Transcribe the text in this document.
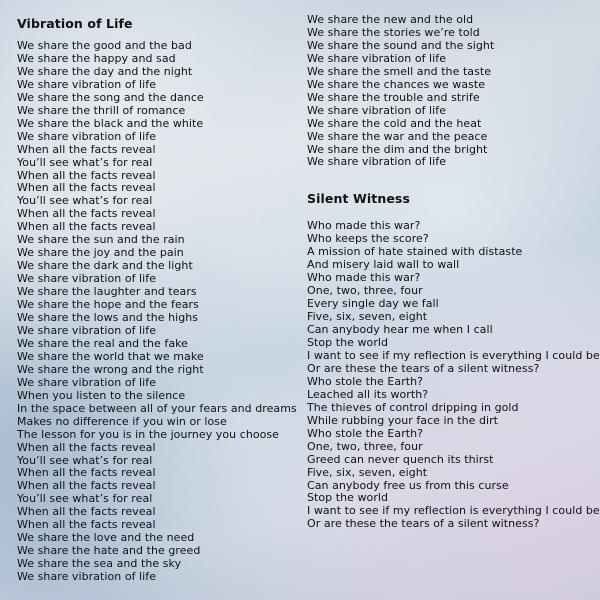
Vibration of Life
We share the good and the bad
We share the happy and sad
We share the day and the night
We share vibration of life
We share the song and the dance
We share the thrill of romance
We share the black and the white
We share vibration of life
When all the facts reveal
You’ll see what’s for real
When all the facts reveal
When all the facts reveal
You’ll see what’s for real
When all the facts reveal
When all the facts reveal
We share the sun and the rain
We share the joy and the pain
We share the dark and the light
We share vibration of life
We share the laughter and tears
We share the hope and the fears
We share the lows and the highs
We share vibration of life
We share the real and the fake
We share the world that we make
We share the wrong and the right
We share vibration of life
When you listen to the silence
In the space between all of your fears and dreams
Makes no difference if you win or lose
The lesson for you is in the journey you choose
When all the facts reveal
You’ll see what’s for real
When all the facts reveal
When all the facts reveal
You’ll see what’s for real
When all the facts reveal
When all the facts reveal
We share the love and the need
We share the hate and the greed
We share the sea and the sky
We share vibration of life
We share the new and the old
We share the stories we’re told
We share the sound and the sight
We share vibration of life
We share the smell and the taste
We share the chances we waste
We share the trouble and strife
We share vibration of life
We share the cold and the heat
We share the war and the peace
We share the dim and the bright
We share vibration of life
Silent Witness
Who made this war?
Who keeps the score?
A mission of hate stained with distaste
And misery laid wall to wall
Who made this war?
One, two, three, four
Every single day we fall
Five, six, seven, eight
Can anybody hear me when I call
Stop the world
I want to see if my reflection is everything I could be
Or are these the tears of a silent witness?
Who stole the Earth?
Leached all its worth?
The thieves of control dripping in gold
While rubbing your face in the dirt
Who stole the Earth?
One, two, three, four
Greed can never quench its thirst
Five, six, seven, eight
Can anybody free us from this curse
Stop the world
I want to see if my reflection is everything I could be
Or are these the tears of a silent witness?
